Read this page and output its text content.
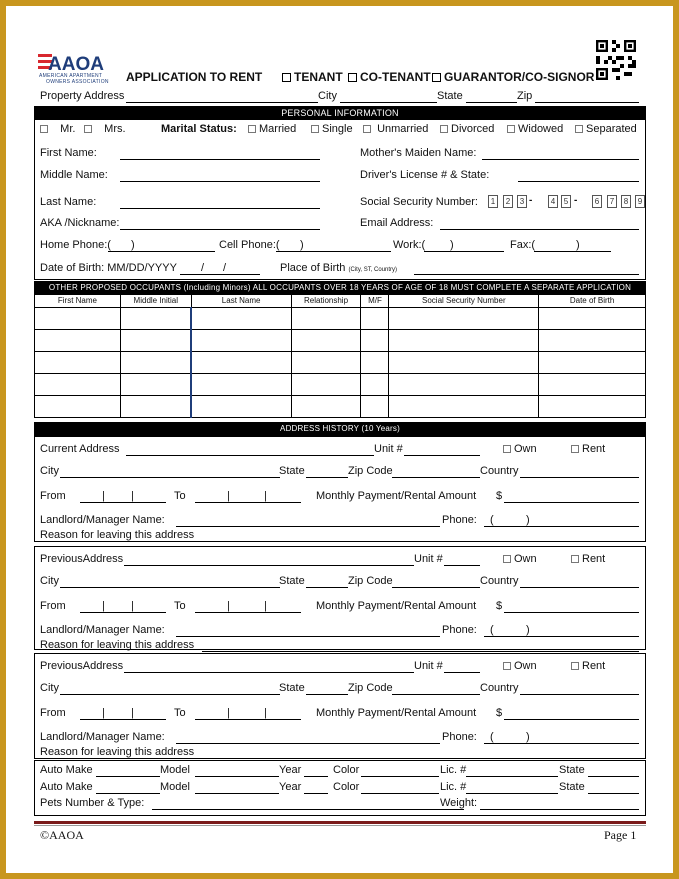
AAOA
AMERICAN APARTMENT
OWNERS ASSOCIATION APPLICATION TO RENT	TENANT	CO-TENANT	GUARANTOR/CO-SIGNOR
Property Address	City	State	Zip
PERSONAL INFORMATION
Mr.	Mrs.	Marital Status:	Married	Single	Unmarried	Divorced	Widowed	Separated
First Name:	Mother's Maiden Name:
Middle Name:	Driver's License # & State:
Last Name:	Social Security Number:	1	2	3 -	4	5 -	6	7	8	9
AKA /Nickname:	Email Address:
Home Phone:( )	Cell Phone:( )	Work:( )	Fax:(	)
Date of Birth: MM/DD/YYYY / /	Place of Birth (City, ST, Country)
OTHER PROPOSED OCCUPANTS (Including Minors) ALL OCCUPANTS OVER 18 YEARS OF AGE OF 18 MUST COMPLETE A SEPARATE APPLICATION
First Name	Middle Initial	Last Name	Relationship	M/F	Social Security Number	Date of Birth

ADDRESS HISTORY (10 Years)
Current Address	Unit #	Own	Rent
City	State	Zip Code	Country
From	| |	To	|	|	Monthly Payment/Rental Amount $
Landlord/Manager Name:	Phone: (	)
Reason for leaving this address
PreviousAddress	Unit #	Own	Rent
City	State	Zip Code	Country
From	| |	To	|	|	Monthly Payment/Rental Amount $
Landlord/Manager Name:	Phone: (	)
Reason for leaving this address
PreviousAddress	Unit #	Own	Rent
City	State	Zip Code	Country
From	| |	To	|	|	Monthly Payment/Rental Amount $
Landlord/Manager Name:	Phone: (	)
Reason for leaving this address
Auto Make	Model	Year	Color	Lic. #	State
Auto Make	Model	Year	Color	Lic. #	State
Pets Number & Type:	Weight:
©AAOA	Page 1
